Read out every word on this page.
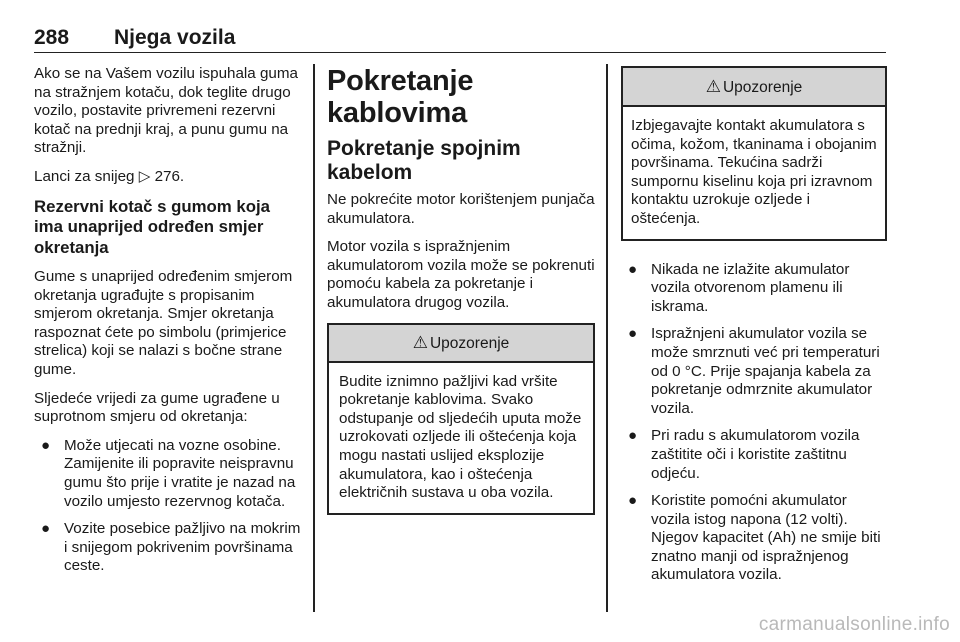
288 Njega vozila

Ako se na Vašem vozilu ispuhala guma na stražnjem kotaču, dok teglite drugo vozilo, postavite privremeni rezervni kotač na prednji kraj, a punu gumu na stražnji.

Lanci za snijeg ▷ 276.

Rezervni kotač s gumom koja ima unaprijed određen smjer okretanja

Gume s unaprijed određenim smjerom okretanja ugrađujte s propisanim smjerom okretanja. Smjer okretanja raspoznat ćete po simbolu (primjerice strelica) koji se nalazi s bočne strane gume.

Sljedeće vrijedi za gume ugrađene u suprotnom smjeru od okretanja:

● Može utjecati na vozne osobine. Zamijenite ili popravite neispravnu gumu što prije i vratite je nazad na vozilo umjesto rezervnog kotača.
● Vozite posebice pažljivo na mokrim i snijegom pokrivenim površinama ceste.
Pokretanje kablovima
Pokretanje spojnim kabelom

Ne pokrećite motor korištenjem punjača akumulatora.

Motor vozila s ispražnjenim akumulatorom vozila može se pokrenuti pomoću kabela za pokretanje i akumulatora drugog vozila.

⚠ Upozorenje
Budite iznimno pažljivi kad vršite pokretanje kablovima. Svako odstupanje od sljedećih uputa može uzrokovati ozljede ili oštećenja koja mogu nastati uslijed eksplozije akumulatora, kao i oštećenja električnih sustava u oba vozila.
⚠ Upozorenje
Izbjegavajte kontakt akumulatora s očima, kožom, tkaninama i obojanim površinama. Tekućina sadrži sumpornu kiselinu koja pri izravnom kontaktu uzrokuje ozljede i oštećenja.
● Nikada ne izlažite akumulator vozila otvorenom plamenu ili iskrama.
● Ispražnjeni akumulator vozila se može smrznuti već pri temperaturi od 0 °C. Prije spajanja kabela za pokretanje odmrznite akumulator vozila.
● Pri radu s akumulatorom vozila zaštitite oči i koristite zaštitnu odjeću.
● Koristite pomoćni akumulator vozila istog napona (12 volti). Njegov kapacitet (Ah) ne smije biti znatno manji od ispražnjenog akumulatora vozila.
carmanualsonline.info
